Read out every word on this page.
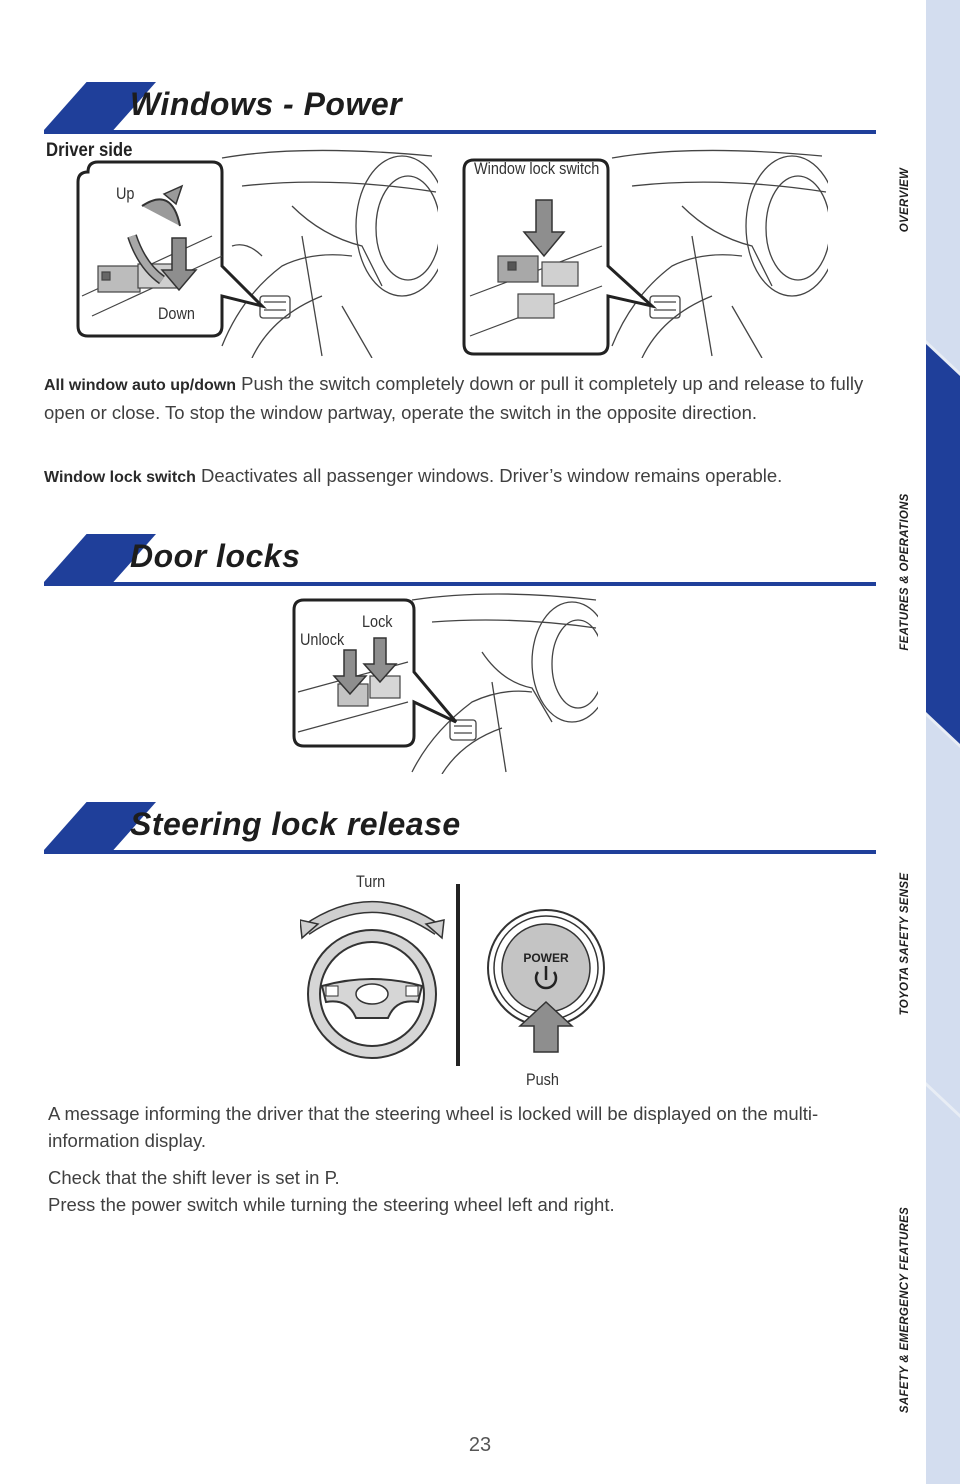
OVERVIEW
FEATURES & OPERATIONS
TOYOTA SAFETY SENSE
SAFETY & EMERGENCY FEATURES
Windows - Power
Driver side
Up
Down
Window lock switch
All window auto up/down Push the switch completely down or pull it completely up and release to fully open or close. To stop the window partway, operate the switch in the opposite direction.
Window lock switch Deactivates all passenger windows. Driver’s window remains operable.
Door locks
Lock
Unlock
Steering lock release
Turn
POWER
Push
A message informing the driver that the steering wheel is locked will be displayed on the multi-information display.
Check that the shift lever is set in P.
Press the power switch while turning the steering wheel left and right.
23
